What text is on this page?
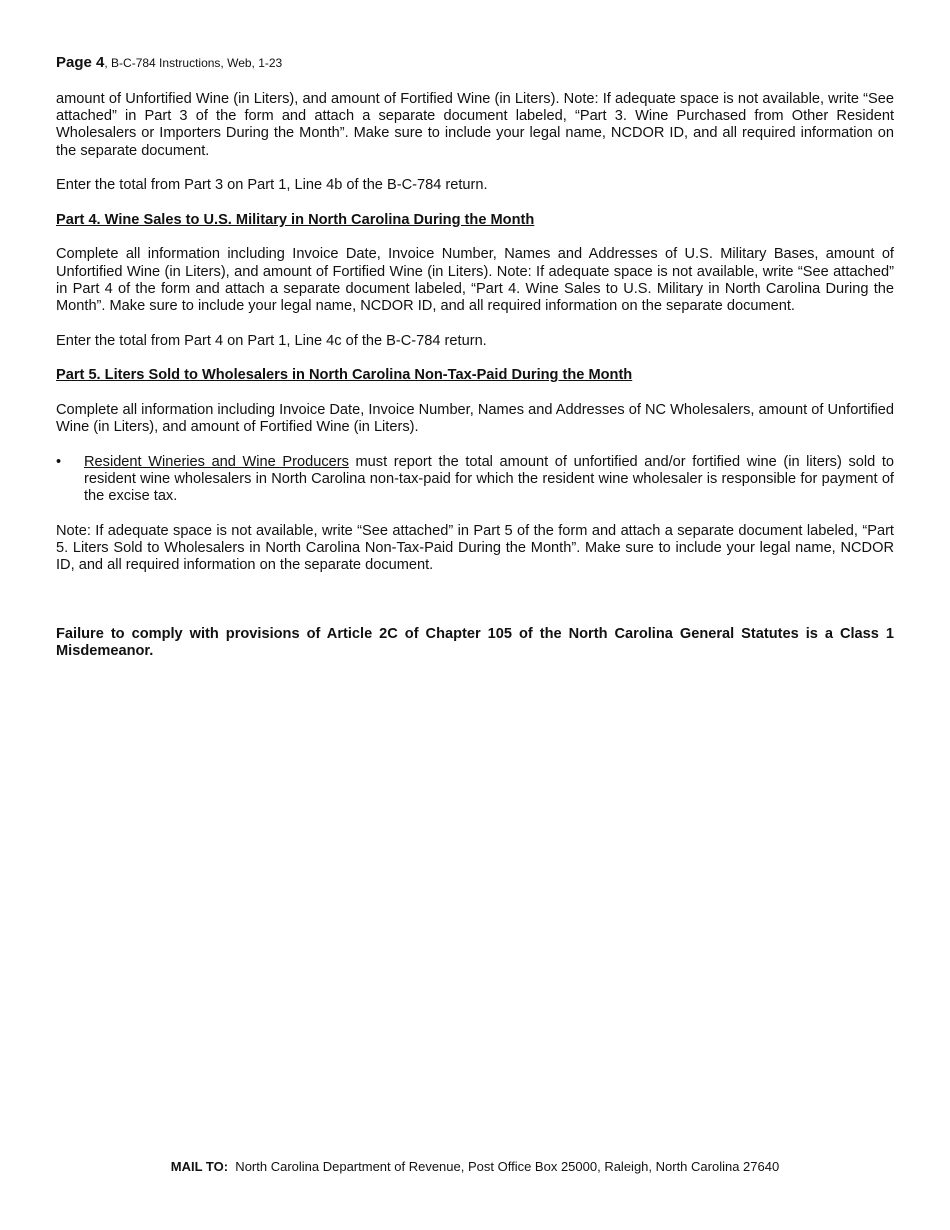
Page 4, B-C-784 Instructions, Web, 1-23

amount of Unfortified Wine (in Liters), and amount of Fortified Wine (in Liters). Note: If adequate space is not available, write “See attached” in Part 3 of the form and attach a separate document labeled, “Part 3. Wine Purchased from Other Resident Wholesalers or Importers During the Month”. Make sure to include your legal name, NCDOR ID, and all required information on the separate document.

Enter the total from Part 3 on Part 1, Line 4b of the B-C-784 return.

Part 4. Wine Sales to U.S. Military in North Carolina During the Month

Complete all information including Invoice Date, Invoice Number, Names and Addresses of U.S. Military Bases, amount of Unfortified Wine (in Liters), and amount of Fortified Wine (in Liters). Note: If adequate space is not available, write “See attached” in Part 4 of the form and attach a separate document labeled, “Part 4. Wine Sales to U.S. Military in North Carolina During the Month”. Make sure to include your legal name, NCDOR ID, and all required information on the separate document.

Enter the total from Part 4 on Part 1, Line 4c of the B-C-784 return.

Part 5. Liters Sold to Wholesalers in North Carolina Non-Tax-Paid During the Month

Complete all information including Invoice Date, Invoice Number, Names and Addresses of NC Wholesalers, amount of Unfortified Wine (in Liters), and amount of Fortified Wine (in Liters).

•	Resident Wineries and Wine Producers must report the total amount of unfortified and/or fortified wine (in liters) sold to resident wine wholesalers in North Carolina non-tax-paid for which the resident wine wholesaler is responsible for payment of the excise tax.

Note: If adequate space is not available, write “See attached” in Part 5 of the form and attach a separate document labeled, “Part 5. Liters Sold to Wholesalers in North Carolina Non-Tax-Paid During the Month”. Make sure to include your legal name, NCDOR ID, and all required information on the separate document.

Failure to comply with provisions of Article 2C of Chapter 105 of the North Carolina General Statutes is a Class 1 Misdemeanor.

MAIL TO:  North Carolina Department of Revenue, Post Office Box 25000, Raleigh, North Carolina 27640
